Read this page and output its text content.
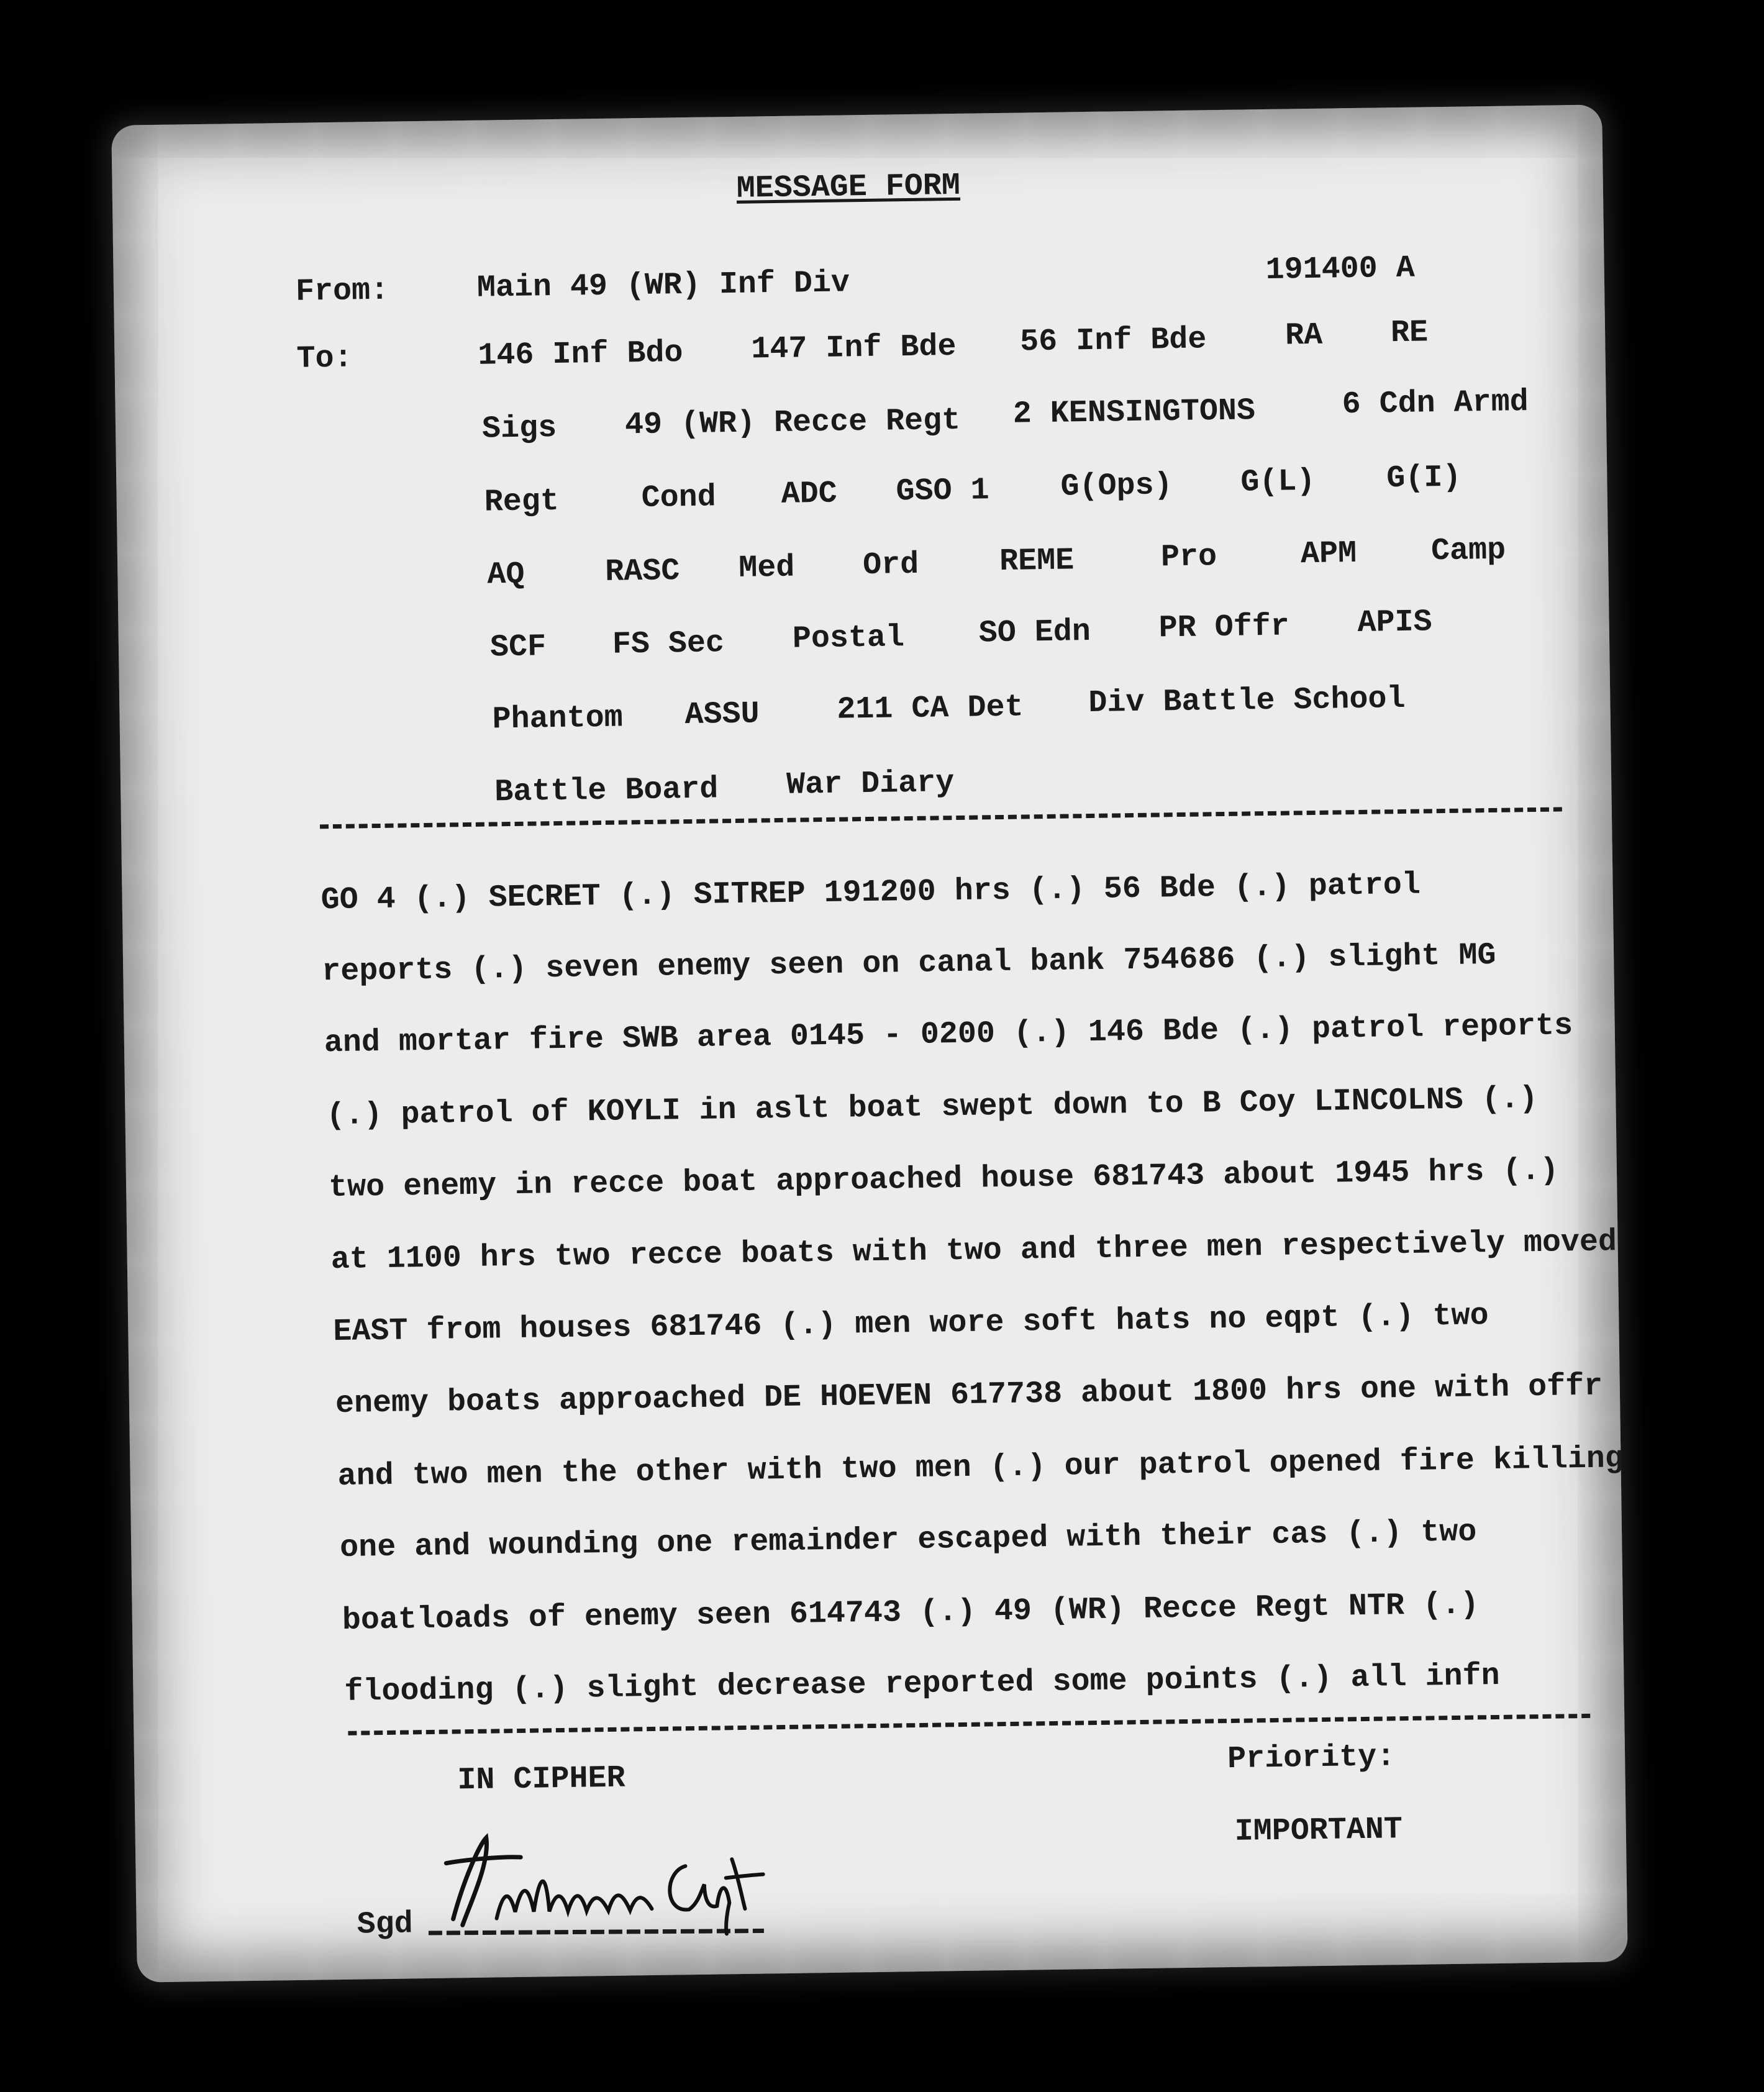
MESSAGE FORM
From:	Main 49 (WR) Inf Div	191400 A
To:	146 Inf Bdo 147 Inf Bde 56 Inf Bde	RA RE
Sigs 49 (WR) Recce Regt 2 KENSINGTONS	6 Cdn Armd
Regt	Cond ADC GSO 1 G(Ops) G(L) G(I)
AQ	RASC Med Ord	REME	Pro	APM Camp
SCF FS Sec Postal SO Edn PR Offr APIS
Phantom ASSU 211 CA Det Div Battle School
Battle Board War Diary
GO 4 (.) SECRET (.) SITREP 191200 hrs (.) 56 Bde (.) patrol
reports (.) seven enemy seen on canal bank 754686 (.) slight MG
and mortar fire SWB area 0145 - 0200 (.) 146 Bde (.) patrol reports
(.) patrol of KOYLI in aslt boat swept down to B Coy LINCOLNS (.)
two enemy in recce boat approached house 681743 about 1945 hrs (.)
at 1100 hrs two recce boats with two and three men respectively moved
EAST from houses 681746 (.) men wore soft hats no eqpt (.) two
enemy boats approached DE HOEVEN 617738 about 1800 hrs one with offr
and two men the other with two men (.) our patrol opened fire killing
one and wounding one remainder escaped with their cas (.) two
boatloads of enemy seen 614743 (.) 49 (WR) Recce Regt NTR (.)
flooding (.) slight decrease reported some points (.) all infn
IN CIPHER
Priority:
IMPORTANT
Sgd
